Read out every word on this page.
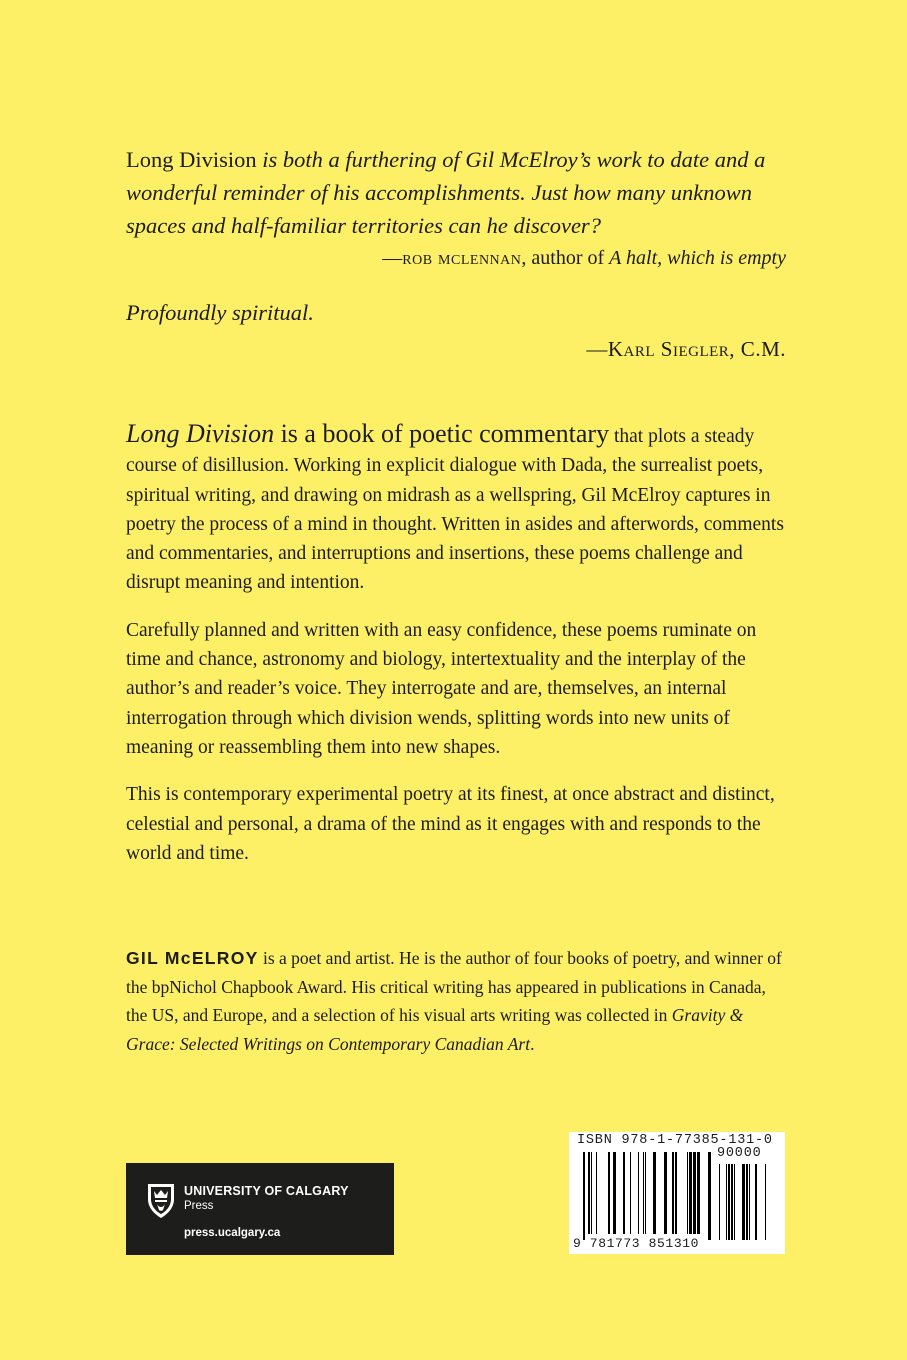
Long Division is both a furthering of Gil McElroy’s work to date and a wonderful reminder of his accomplishments. Just how many unknown spaces and half-familiar territories can he discover?
—rob mclennan, author of A halt, which is empty
Profoundly spiritual.
—Karl Siegler, C.M.

Long Division is a book of poetic commentary that plots a steady course of disillusion. Working in explicit dialogue with Dada, the surrealist poets, spiritual writing, and drawing on midrash as a wellspring, Gil McElroy captures in poetry the process of a mind in thought. Written in asides and afterwords, comments and commentaries, and interruptions and insertions, these poems challenge and disrupt meaning and intention.

Carefully planned and written with an easy confidence, these poems ruminate on time and chance, astronomy and biology, intertextuality and the interplay of the author’s and reader’s voice. They interrogate and are, themselves, an internal interrogation through which division wends, splitting words into new units of meaning or reassembling them into new shapes.

This is contemporary experimental poetry at its finest, at once abstract and distinct, celestial and personal, a drama of the mind as it engages with and responds to the world and time.

GIL McELROY is a poet and artist. He is the author of four books of poetry, and winner of the bpNichol Chapbook Award. His critical writing has appeared in publications in Canada, the US, and Europe, and a selection of his visual arts writing was collected in Gravity & Grace: Selected Writings on Contemporary Canadian Art.
UNIVERSITY OF CALGARY
Press
press.ucalgary.ca
ISBN 978-1-77385-131-0
90000
9 781773 851310
